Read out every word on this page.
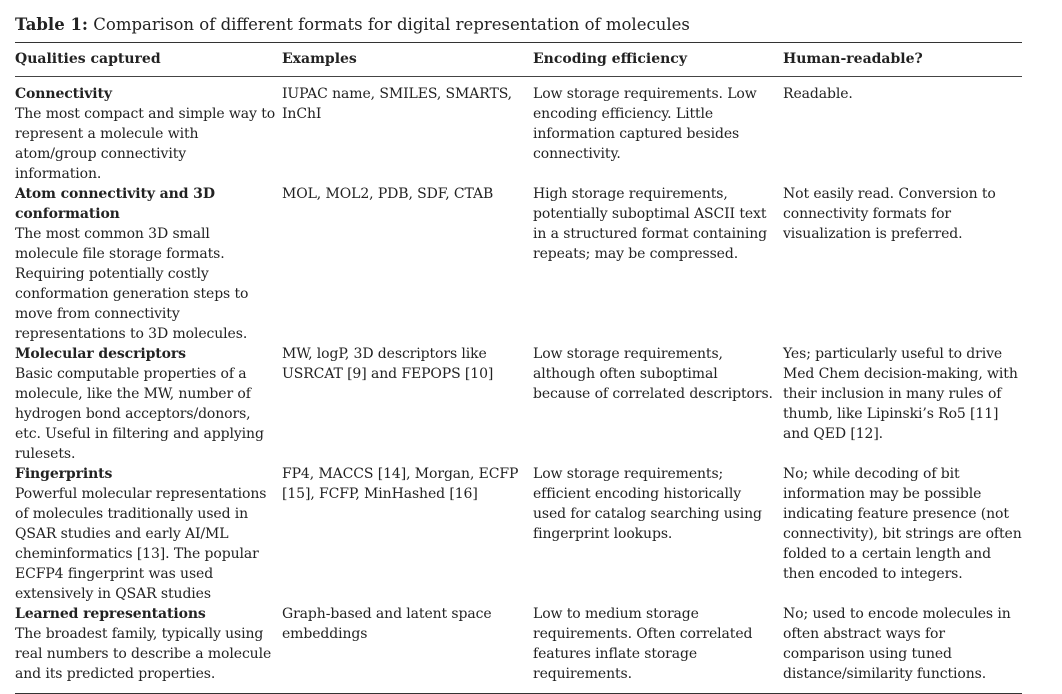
Table 1: Comparison of different formats for digital representation of molecules
Qualities captured	Examples	Encoding efficiency	Human-readable?

Connectivity
The most compact and simple way to represent a molecule with atom/group connectivity information.	IUPAC name, SMILES, SMARTS, InChI	Low storage requirements. Low encoding efficiency. Little information captured besides connectivity.	Readable.

Atom connectivity and 3D conformation
The most common 3D small molecule file storage formats. Requiring potentially costly conformation generation steps to move from connectivity representations to 3D molecules.	MOL, MOL2, PDB, SDF, CTAB	High storage requirements, potentially suboptimal ASCII text in a structured format containing repeats; may be compressed.	Not easily read. Conversion to connectivity formats for visualization is preferred.

Molecular descriptors
Basic computable properties of a molecule, like the MW, number of hydrogen bond acceptors/donors, etc. Useful in filtering and applying rulesets.	MW, logP, 3D descriptors like USRCAT [9] and FEPOPS [10]	Low storage requirements, although often suboptimal because of correlated descriptors.	Yes; particularly useful to drive Med Chem decision-making, with their inclusion in many rules of thumb, like Lipinski’s Ro5 [11] and QED [12].

Fingerprints
Powerful molecular representations of molecules traditionally used in QSAR studies and early AI/ML cheminformatics [13]. The popular ECFP4 fingerprint was used extensively in QSAR studies	FP4, MACCS [14], Morgan, ECFP [15], FCFP, MinHashed [16]	Low storage requirements; efficient encoding historically used for catalog searching using fingerprint lookups.	No; while decoding of bit information may be possible indicating feature presence (not connectivity), bit strings are often folded to a certain length and then encoded to integers.

Learned representations
The broadest family, typically using real numbers to describe a molecule and its predicted properties.	Graph-based and latent space embeddings	Low to medium storage requirements. Often correlated features inflate storage requirements.	No; used to encode molecules in often abstract ways for comparison using tuned distance/similarity functions.
